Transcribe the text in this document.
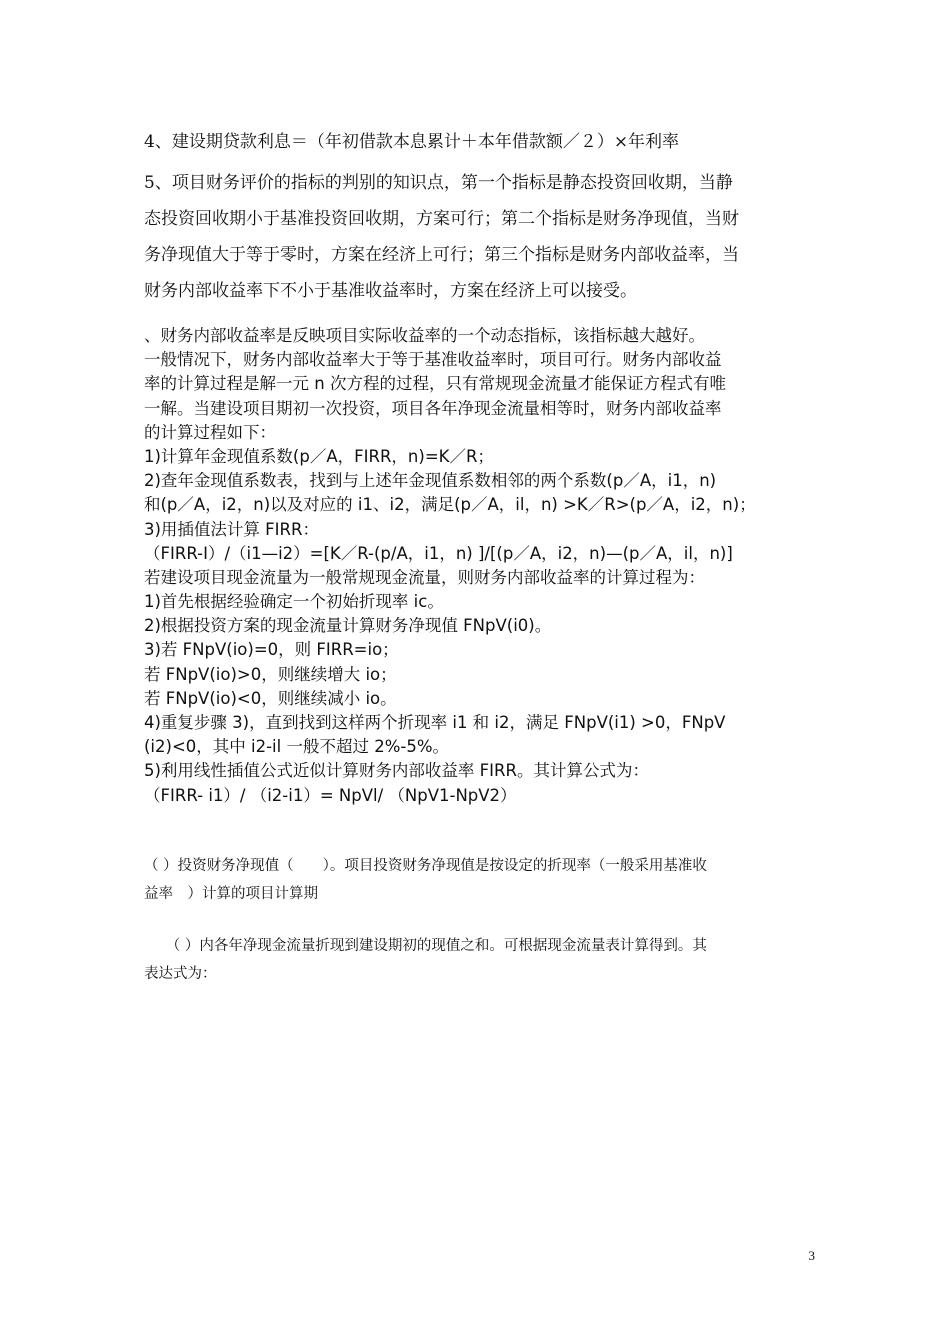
4、建设期贷款利息＝（年初借款本息累计＋本年借款额／２）×年利率
5、项目财务评价的指标的判别的知识点，第一个指标是静态投资回收期，当静
态投资回收期小于基准投资回收期，方案可行；第二个指标是财务净现值，当财
务净现值大于等于零时，方案在经济上可行；第三个指标是财务内部收益率，当
财务内部收益率下不小于基准收益率时，方案在经济上可以接受。
、财务内部收益率是反映项目实际收益率的一个动态指标，该指标越大越好。
一般情况下，财务内部收益率大于等于基准收益率时，项目可行。财务内部收益
率的计算过程是解一元 n 次方程的过程，只有常规现金流量才能保证方程式有唯
一解。当建设项目期初一次投资，项目各年净现金流量相等时，财务内部收益率
的计算过程如下：
1)计算年金现值系数(p／A，FIRR，n)=K／R；
2)查年金现值系数表，找到与上述年金现值系数相邻的两个系数(p／A，i1，n)
和(p／A，i2，n)以及对应的 i1、i2，满足(p／A，il，n) >K／R>(p／A，i2，n)；
3)用插值法计算 FIRR：
（FIRR-I）/（i1—i2）=[K／R-(p/A，i1，n) ]/[(p／A，i2，n)—(p／A，il，n)]
若建设项目现金流量为一般常规现金流量，则财务内部收益率的计算过程为：
1)首先根据经验确定一个初始折现率 ic。
2)根据投资方案的现金流量计算财务净现值 FNpV(i0)。
3)若 FNpV(io)=0，则 FIRR=io；
若 FNpV(io)>0，则继续增大 io；
若 FNpV(io)<0，则继续减小 io。
4)重复步骤 3)，直到找到这样两个折现率 i1 和 i2，满足 FNpV(i1) >0，FNpV
(i2)<0，其中 i2-il 一般不超过 2%-5%。
5)利用线性插值公式近似计算财务内部收益率 FIRR。其计算公式为：
（FIRR- i1）/ （i2-i1）= NpVl/ （NpV1-NpV2）
（ ）投资财务净现值（　　）。项目投资财务净现值是按设定的折现率（一般采用基准收
益率　）计算的项目计算期
　　（ ）内各年净现金流量折现到建设期初的现值之和。可根据现金流量表计算得到。其
表达式为：
3
